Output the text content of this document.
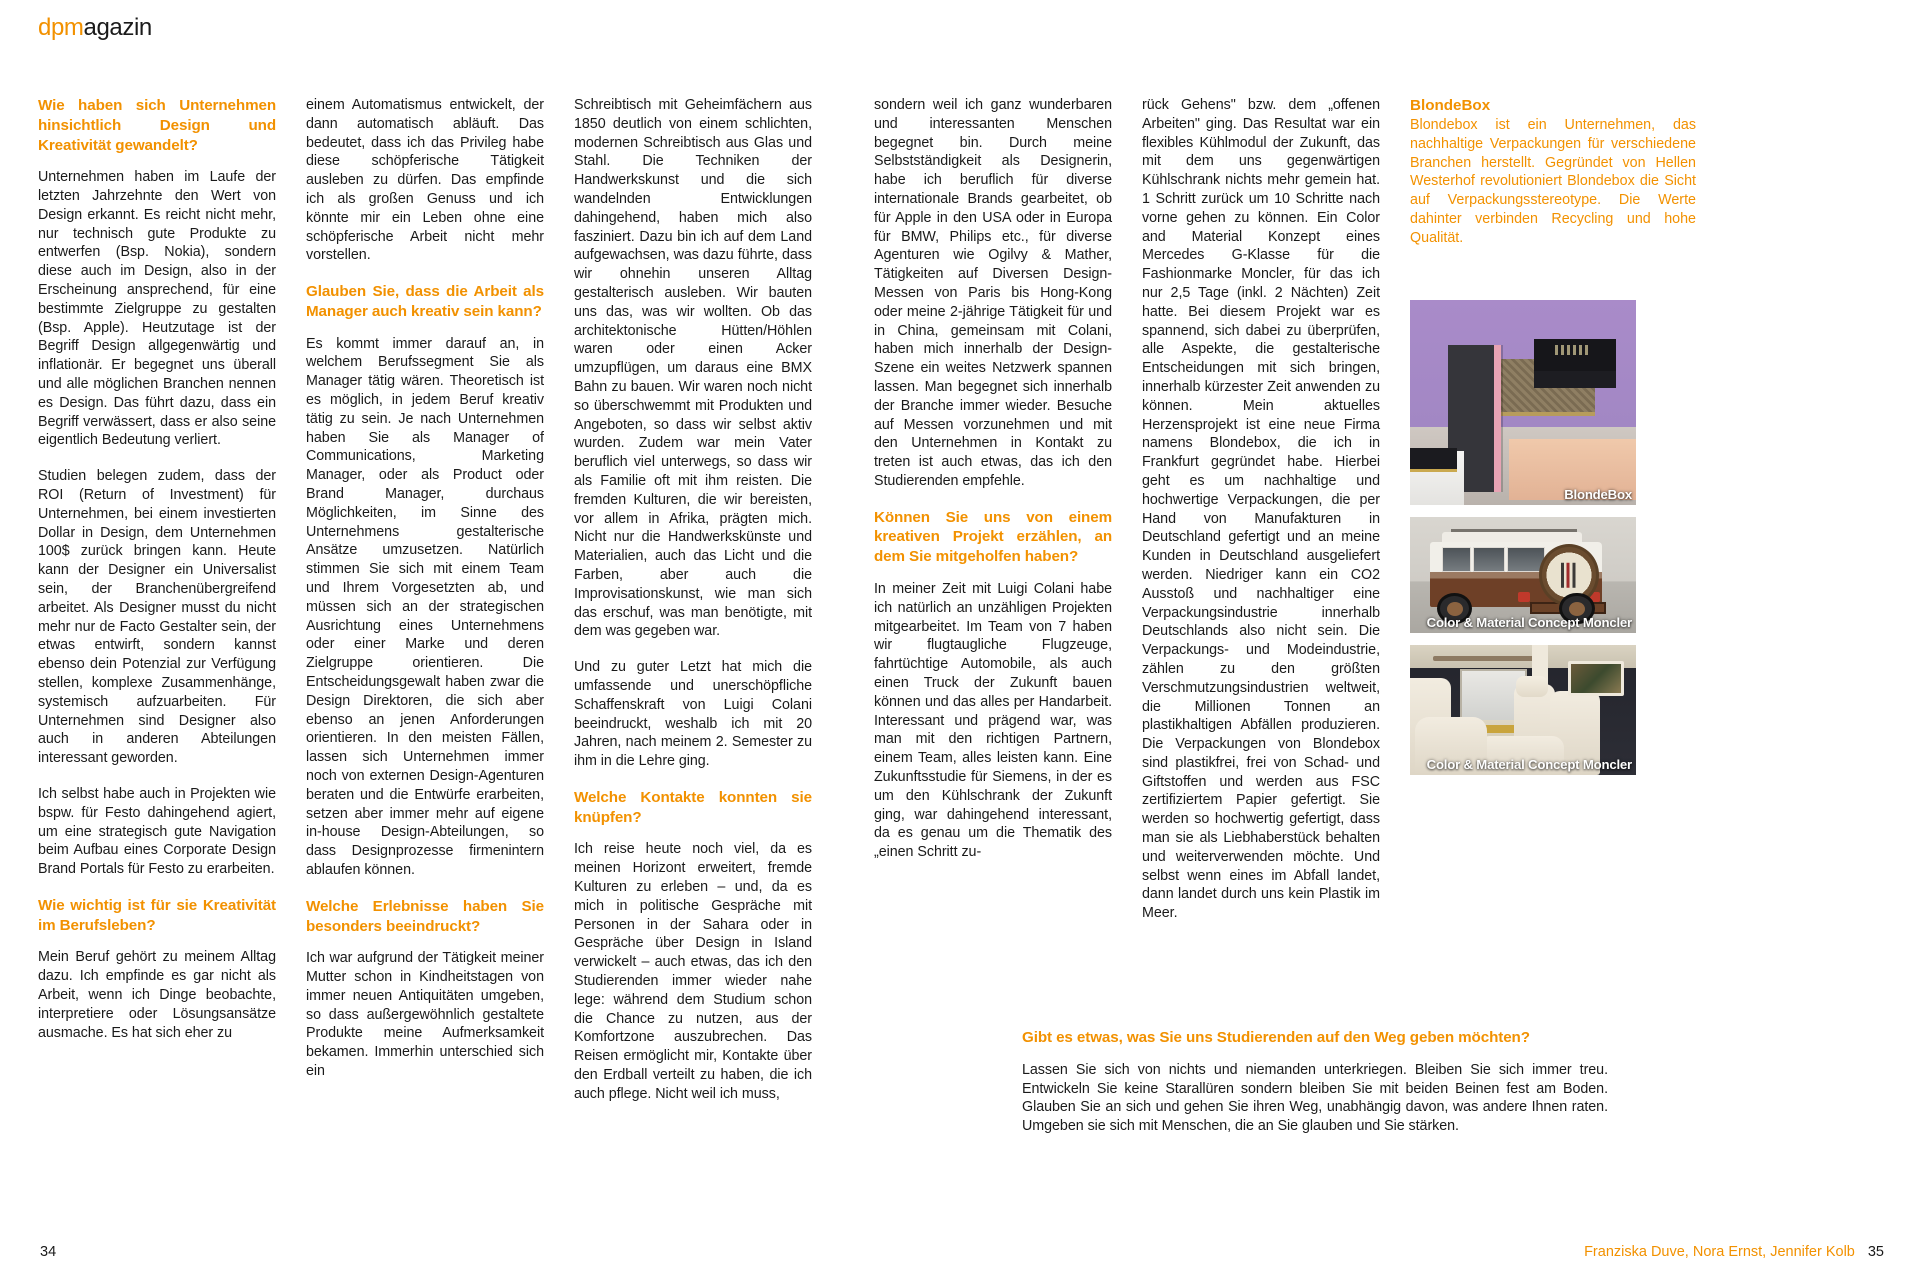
dpmagazin
Wie haben sich Unternehmen hinsichtlich Design und Kreativität gewandelt?

Unternehmen haben im Laufe der letzten Jahrzehnte den Wert von Design erkannt. Es reicht nicht mehr, nur technisch gute Produkte zu entwerfen (Bsp. Nokia), sondern diese auch im Design, also in der Erscheinung ansprechend, für eine bestimmte Zielgruppe zu gestalten (Bsp. Apple). Heutzutage ist der Begriff Design allgegenwärtig und inflationär. Er begegnet uns überall und alle möglichen Branchen nennen es Design. Das führt dazu, dass ein Begriff verwässert, dass er also seine eigentlich Bedeutung verliert.

Studien belegen zudem, dass der ROI (Return of Investment) für Unternehmen, bei einem investierten Dollar in Design, dem Unternehmen 100$ zurück bringen kann. Heute kann der Designer ein Universalist sein, der Branchenübergreifend arbeitet. Als Designer musst du nicht mehr nur de Facto Gestalter sein, der etwas entwirft, sondern kannst ebenso dein Potenzial zur Verfügung stellen, komplexe Zusammenhänge, systemisch aufzuarbeiten. Für Unternehmen sind Designer also auch in anderen Abteilungen interessant geworden.

Ich selbst habe auch in Projekten wie bspw. für Festo dahingehend agiert, um eine strategisch gute Navigation beim Aufbau eines Corporate Design Brand Portals für Festo zu erarbeiten.

Wie wichtig ist für sie Kreativität im Berufsleben?

Mein Beruf gehört zu meinem Alltag dazu. Ich empfinde es gar nicht als Arbeit, wenn ich Dinge beobachte, interpretiere oder Lösungsansätze ausmache. Es hat sich eher zu

einem Automatismus entwickelt, der dann automatisch abläuft. Das bedeutet, dass ich das Privileg habe diese schöpferische Tätigkeit ausleben zu dürfen. Das empfinde ich als großen Genuss und ich könnte mir ein Leben ohne eine schöpferische Arbeit nicht mehr vorstellen.

Glauben Sie, dass die Arbeit als Manager auch kreativ sein kann?

Es kommt immer darauf an, in welchem Berufssegment Sie als Manager tätig wären. Theoretisch ist es möglich, in jedem Beruf kreativ tätig zu sein. Je nach Unternehmen haben Sie als Manager of Communications, Marketing Manager, oder als Product oder Brand Manager, durchaus Möglichkeiten, im Sinne des Unternehmens gestalterische Ansätze umzusetzen. Natürlich stimmen Sie sich mit einem Team und Ihrem Vorgesetzten ab, und müssen sich an der strategischen Ausrichtung eines Unternehmens oder einer Marke und deren Zielgruppe orientieren. Die Entscheidungsgewalt haben zwar die Design Direktoren, die sich aber ebenso an jenen Anforderungen orientieren. In den meisten Fällen, lassen sich Unternehmen immer noch von externen Design-Agenturen beraten und die Entwürfe erarbeiten, setzen aber immer mehr auf eigene in-house Design-Abteilungen, so dass Designprozesse firmenintern ablaufen können.

Welche Erlebnisse haben Sie besonders beeindruckt?

Ich war aufgrund der Tätigkeit meiner Mutter schon in Kindheitstagen von immer neuen Antiquitäten umgeben, so dass außergewöhnlich gestaltete Produkte meine Aufmerksamkeit bekamen. Immerhin unterschied sich ein

Schreibtisch mit Geheimfächern aus 1850 deutlich von einem schlichten, modernen Schreibtisch aus Glas und Stahl. Die Techniken der Handwerkskunst und die sich wandelnden Entwicklungen dahingehend, haben mich also fasziniert. Dazu bin ich auf dem Land aufgewachsen, was dazu führte, dass wir ohnehin unseren Alltag gestalterisch ausleben. Wir bauten uns das, was wir wollten. Ob das architektonische Hütten/Höhlen waren oder einen Acker umzupflügen, um daraus eine BMX Bahn zu bauen. Wir waren noch nicht so überschwemmt mit Produkten und Angeboten, so dass wir selbst aktiv wurden. Zudem war mein Vater beruflich viel unterwegs, so dass wir als Familie oft mit ihm reisten. Die fremden Kulturen, die wir bereisten, vor allem in Afrika, prägten mich. Nicht nur die Handwerkskünste und Materialien, auch das Licht und die Farben, aber auch die Improvisationskunst, wie man sich das erschuf, was man benötigte, mit dem was gegeben war.

Und zu guter Letzt hat mich die umfassende und unerschöpfliche Schaffenskraft von Luigi Colani beeindruckt, weshalb ich mit 20 Jahren, nach meinem 2. Semester zu ihm in die Lehre ging.

Welche Kontakte konnten sie knüpfen?

Ich reise heute noch viel, da es meinen Horizont erweitert, fremde Kulturen zu erleben – und, da es mich in politische Gespräche mit Personen in der Sahara oder in Gespräche über Design in Island verwickelt – auch etwas, das ich den Studierenden immer wieder nahe lege: während dem Studium schon die Chance zu nutzen, aus der Komfortzone auszubrechen. Das Reisen ermöglicht mir, Kontakte über den Erdball verteilt zu haben, die ich auch pflege. Nicht weil ich muss,

sondern weil ich ganz wunderbaren und interessanten Menschen begegnet bin. Durch meine Selbstständigkeit als Designerin, habe ich beruflich für diverse internationale Brands gearbeitet, ob für Apple in den USA oder in Europa für BMW, Philips etc., für diverse Agenturen wie Ogilvy & Mather, Tätigkeiten auf Diversen Design-Messen von Paris bis Hong-Kong oder meine 2-jährige Tätigkeit für und in China, gemeinsam mit Colani, haben mich innerhalb der Design-Szene ein weites Netzwerk spannen lassen. Man begegnet sich innerhalb der Branche immer wieder. Besuche auf Messen vorzunehmen und mit den Unternehmen in Kontakt zu treten ist auch etwas, das ich den Studierenden empfehle.

Können Sie uns von einem kreativen Projekt erzählen, an dem Sie mitgeholfen haben?

In meiner Zeit mit Luigi Colani habe ich natürlich an unzähligen Projekten mitgearbeitet. Im Team von 7 haben wir flugtaugliche Flugzeuge, fahrtüchtige Automobile, als auch einen Truck der Zukunft bauen können und das alles per Handarbeit. Interessant und prägend war, was man mit den richtigen Partnern, einem Team, alles leisten kann. Eine Zukunftsstudie für Siemens, in der es um den Kühlschrank der Zukunft ging, war dahingehend interessant, da es genau um die Thematik des „einen Schritt zu-

rück Gehens" bzw. dem „offenen Arbeiten" ging. Das Resultat war ein flexibles Kühlmodul der Zukunft, das mit dem uns gegenwärtigen Kühlschrank nichts mehr gemein hat. 1 Schritt zurück um 10 Schritte nach vorne gehen zu können. Ein Color and Material Konzept eines Mercedes G-Klasse für die Fashionmarke Moncler, für das ich nur 2,5 Tage (inkl. 2 Nächten) Zeit hatte. Bei diesem Projekt war es spannend, sich dabei zu überprüfen, alle Aspekte, die gestalterische Entscheidungen mit sich bringen, innerhalb kürzester Zeit anwenden zu können. Mein aktuelles Herzensprojekt ist eine neue Firma namens Blondebox, die ich in Frankfurt gegründet habe. Hierbei geht es um nachhaltige und hochwertige Verpackungen, die per Hand von Manufakturen in Deutschland gefertigt und an meine Kunden in Deutschland ausgeliefert werden. Niedriger kann ein CO2 Ausstoß und nachhaltiger eine Verpackungsindustrie innerhalb Deutschlands also nicht sein. Die Verpackungs- und Modeindustrie, zählen zu den größten Verschmutzungsindustrien weltweit, die Millionen Tonnen an plastikhaltigen Abfällen produzieren. Die Verpackungen von Blondebox sind plastikfrei, frei von Schad- und Giftstoffen und werden aus FSC zertifiziertem Papier gefertigt. Sie werden so hochwertig gefertigt, dass man sie als Liebhaberstück behalten und weiterverwenden möchte. Und selbst wenn eines im Abfall landet, dann landet durch uns kein Plastik im Meer.

BlondeBox

Blondebox ist ein Unternehmen, das nachhaltige Verpackungen für verschiedene Branchen herstellt. Gegründet von Hellen Westerhof revolutioniert Blondebox die Sicht auf Verpackungsstereotype. Die Werte dahinter verbinden Recycling und hohe Qualität.

BlondeBox
Color & Material Concept Moncler
Color & Material Concept Moncler
Gibt es etwas, was Sie uns Studierenden auf den Weg geben möchten?

Lassen Sie sich von nichts und niemanden unterkriegen. Bleiben Sie sich immer treu. Entwickeln Sie keine Starallüren sondern bleiben Sie mit beiden Beinen fest am Boden. Glauben Sie an sich und gehen Sie ihren Weg, unabhängig davon, was andere Ihnen raten. Umgeben sie sich mit Menschen, die an Sie glauben und Sie stärken.

34	Franziska Duve, Nora Ernst, Jennifer Kolb 35
